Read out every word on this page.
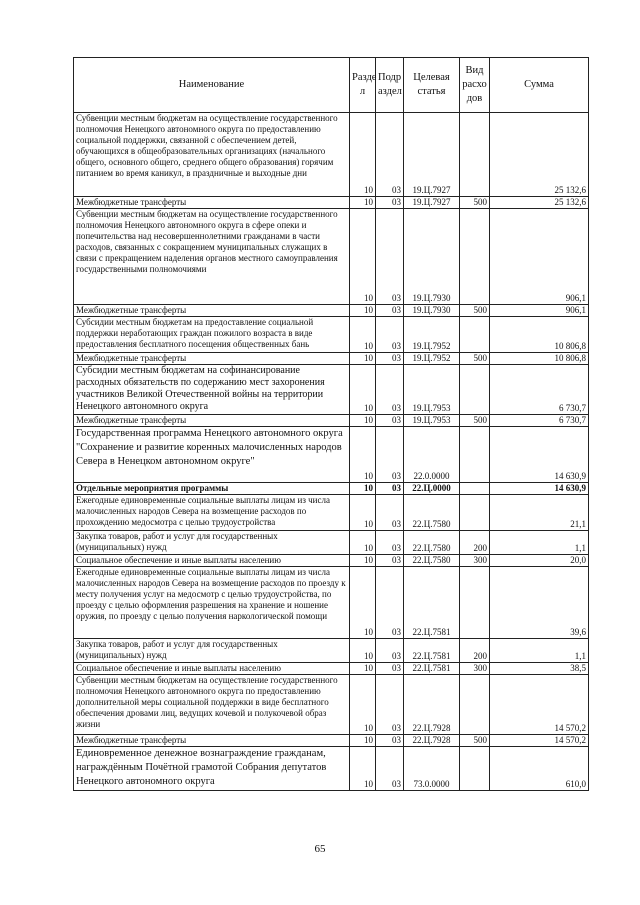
Наименование	Разде л	Подр аздел	Целевая статья	Вид расхо дов	Сумма
Субвенции местным бюджетам на осуществление государственного полномочия Ненецкого автономного округа по предоставлению социальной поддержки, связанной с обеспечением детей, обучающихся в общеобразовательных организациях (начального общего, основного общего, среднего общего образования) горячим питанием во время каникул, в праздничные и выходные дни	10	03	19.Ц.7927		25 132,6
Межбюджетные трансферты	10	03	19.Ц.7927	500	25 132,6
Субвенции местным бюджетам на осуществление государственного полномочия Ненецкого автономного округа в сфере опеки и попечительства над несовершеннолетними гражданами в части расходов, связанных с сокращением муниципальных служащих в связи с прекращением наделения органов местного самоуправления государственными полномочиями	10	03	19.Ц.7930		906,1
Межбюджетные трансферты	10	03	19.Ц.7930	500	906,1
Субсидии местным бюджетам на предоставление социальной поддержки неработающих граждан пожилого возраста в виде предоставления бесплатного посещения общественных бань	10	03	19.Ц.7952		10 806,8
Межбюджетные трансферты	10	03	19.Ц.7952	500	10 806,8
Субсидии местным бюджетам на софинансирование расходных обязательств по содержанию мест захоронения участников Великой Отечественной войны на территории Ненецкого автономного округа	10	03	19.Ц.7953		6 730,7
Межбюджетные трансферты	10	03	19.Ц.7953	500	6 730,7
Государственная программа Ненецкого автономного округа "Сохранение и развитие коренных малочисленных народов Севера в Ненецком автономном округе"	10	03	22.0.0000		14 630,9
Отдельные мероприятия программы	10	03	22.Ц.0000		14 630,9
Ежегодные единовременные социальные выплаты лицам из числа малочисленных народов Севера на возмещение расходов по прохождению медосмотра с целью трудоустройства	10	03	22.Ц.7580		21,1
Закупка товаров, работ и услуг для государственных (муниципальных) нужд	10	03	22.Ц.7580	200	1,1
Социальное обеспечение и иные выплаты населению	10	03	22.Ц.7580	300	20,0
Ежегодные единовременные социальные выплаты лицам из числа малочисленных народов Севера на возмещение расходов по проезду к месту получения услуг на медосмотр с целью трудоустройства, по проезду с целью оформления разрешения на хранение и ношение оружия, по проезду с целью получения наркологической помощи	10	03	22.Ц.7581		39,6
Закупка товаров, работ и услуг для государственных (муниципальных) нужд	10	03	22.Ц.7581	200	1,1
Социальное обеспечение и иные выплаты населению	10	03	22.Ц.7581	300	38,5
Субвенции местным бюджетам на осуществление государственного полномочия Ненецкого автономного округа по предоставлению дополнительной меры социальной поддержки в виде бесплатного обеспечения дровами лиц, ведущих кочевой и полукочевой образ жизни	10	03	22.Ц.7928		14 570,2
Межбюджетные трансферты	10	03	22.Ц.7928	500	14 570,2
Единовременное денежное вознаграждение гражданам, награждённым Почётной грамотой Собрания депутатов Ненецкого автономного округа	10	03	73.0.0000		610,0
65
